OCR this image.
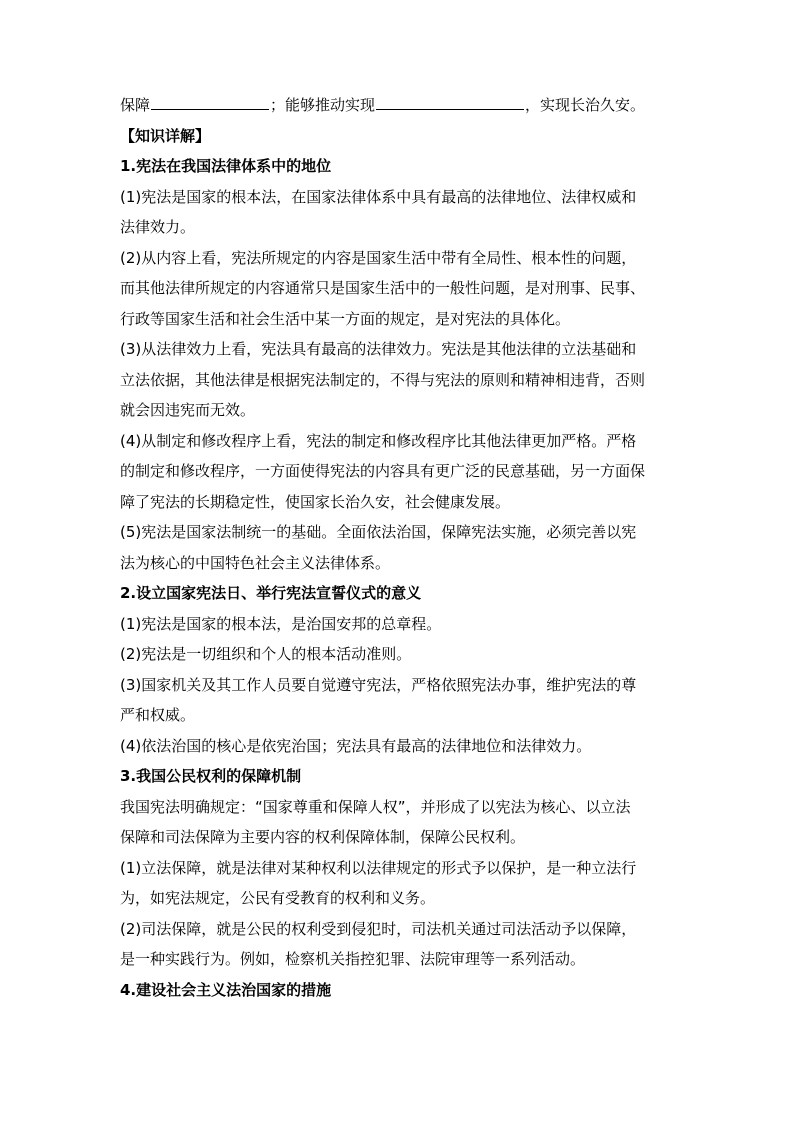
保障	；能够推动实现	，实现长治久安。
【知识详解】
1.宪法在我国法律体系中的地位
(1)宪法是国家的根本法，在国家法律体系中具有最高的法律地位、法律权威和
法律效力。
(2)从内容上看，宪法所规定的内容是国家生活中带有全局性、根本性的问题，
而其他法律所规定的内容通常只是国家生活中的一般性问题，是对刑事、民事、
行政等国家生活和社会生活中某一方面的规定，是对宪法的具体化。
(3)从法律效力上看，宪法具有最高的法律效力。宪法是其他法律的立法基础和
立法依据，其他法律是根据宪法制定的，不得与宪法的原则和精神相违背，否则
就会因违宪而无效。
(4)从制定和修改程序上看，宪法的制定和修改程序比其他法律更加严格。严格
的制定和修改程序，一方面使得宪法的内容具有更广泛的民意基础，另一方面保
障了宪法的长期稳定性，使国家长治久安，社会健康发展。
(5)宪法是国家法制统一的基础。全面依法治国，保障宪法实施，必须完善以宪
法为核心的中国特色社会主义法律体系。
2.设立国家宪法日、举行宪法宣誓仪式的意义
(1)宪法是国家的根本法，是治国安邦的总章程。
(2)宪法是一切组织和个人的根本活动准则。
(3)国家机关及其工作人员要自觉遵守宪法，严格依照宪法办事，维护宪法的尊
严和权威。
(4)依法治国的核心是依宪治国；宪法具有最高的法律地位和法律效力。
3.我国公民权利的保障机制
我国宪法明确规定：“国家尊重和保障人权”，并形成了以宪法为核心、以立法
保障和司法保障为主要内容的权利保障体制，保障公民权利。
(1)立法保障，就是法律对某种权利以法律规定的形式予以保护，是一种立法行
为，如宪法规定，公民有受教育的权利和义务。
(2)司法保障，就是公民的权利受到侵犯时，司法机关通过司法活动予以保障，
是一种实践行为。例如，检察机关指控犯罪、法院审理等一系列活动。
4.建设社会主义法治国家的措施
